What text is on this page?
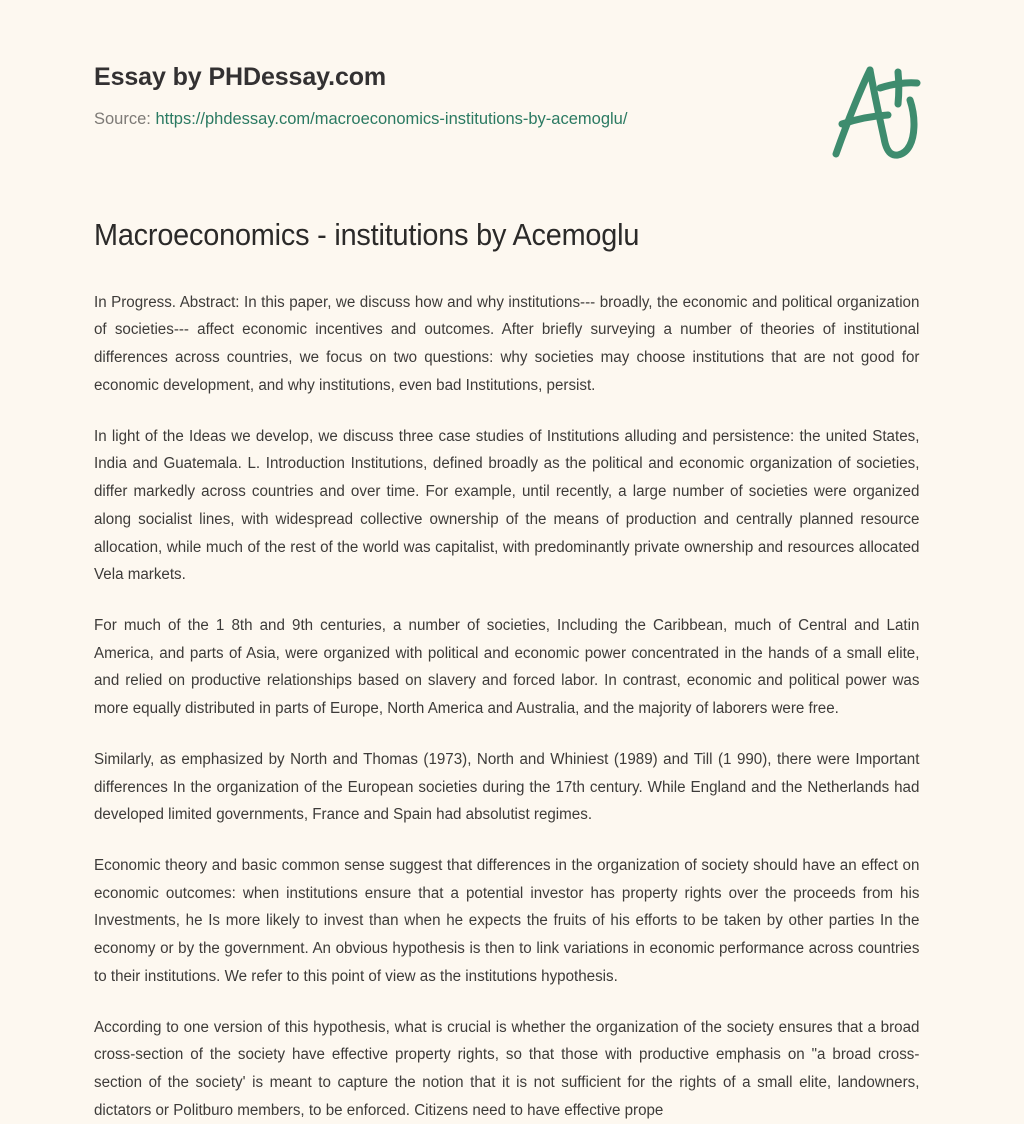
Essay by PHDessay.com
Source: https://phdessay.com/macroeconomics-institutions-by-acemoglu/
Macroeconomics - institutions by Acemoglu

In Progress. Abstract: In this paper, we discuss how and why institutions--- broadly, the economic and political organization of societies--- affect economic incentives and outcomes. After briefly surveying a number of theories of institutional differences across countries, we focus on two questions: why societies may choose institutions that are not good for economic development, and why institutions, even bad Institutions, persist.

In light of the Ideas we develop, we discuss three case studies of Institutions alluding and persistence: the united States, India and Guatemala. L. Introduction Institutions, defined broadly as the political and economic organization of societies, differ markedly across countries and over time. For example, until recently, a large number of societies were organized along socialist lines, with widespread collective ownership of the means of production and centrally planned resource allocation, while much of the rest of the world was capitalist, with predominantly private ownership and resources allocated Vela markets.

For much of the 1 8th and 9th centuries, a number of societies, Including the Caribbean, much of Central and Latin America, and parts of Asia, were organized with political and economic power concentrated in the hands of a small elite, and relied on productive relationships based on slavery and forced labor. In contrast, economic and political power was more equally distributed in parts of Europe, North America and Australia, and the majority of laborers were free.

Similarly, as emphasized by North and Thomas (1973), North and Whiniest (1989) and Till (1 990), there were Important differences In the organization of the European societies during the 17th century. While England and the Netherlands had developed limited governments, France and Spain had absolutist regimes.

Economic theory and basic common sense suggest that differences in the organization of society should have an effect on economic outcomes: when institutions ensure that a potential investor has property rights over the proceeds from his Investments, he Is more likely to invest than when he expects the fruits of his efforts to be taken by other parties In the economy or by the government. An obvious hypothesis is then to link variations in economic performance across countries to their institutions. We refer to this point of view as the institutions hypothesis.

According to one version of this hypothesis, what is crucial is whether the organization of the society ensures that a broad cross-section of the society have effective property rights, so that those with productive emphasis on "a broad cross-section of the society' is meant to capture the notion that it is not sufficient for the rights of a small elite, landowners, dictators or Politburo members, to be enforced. Citizens need to have effective prope
